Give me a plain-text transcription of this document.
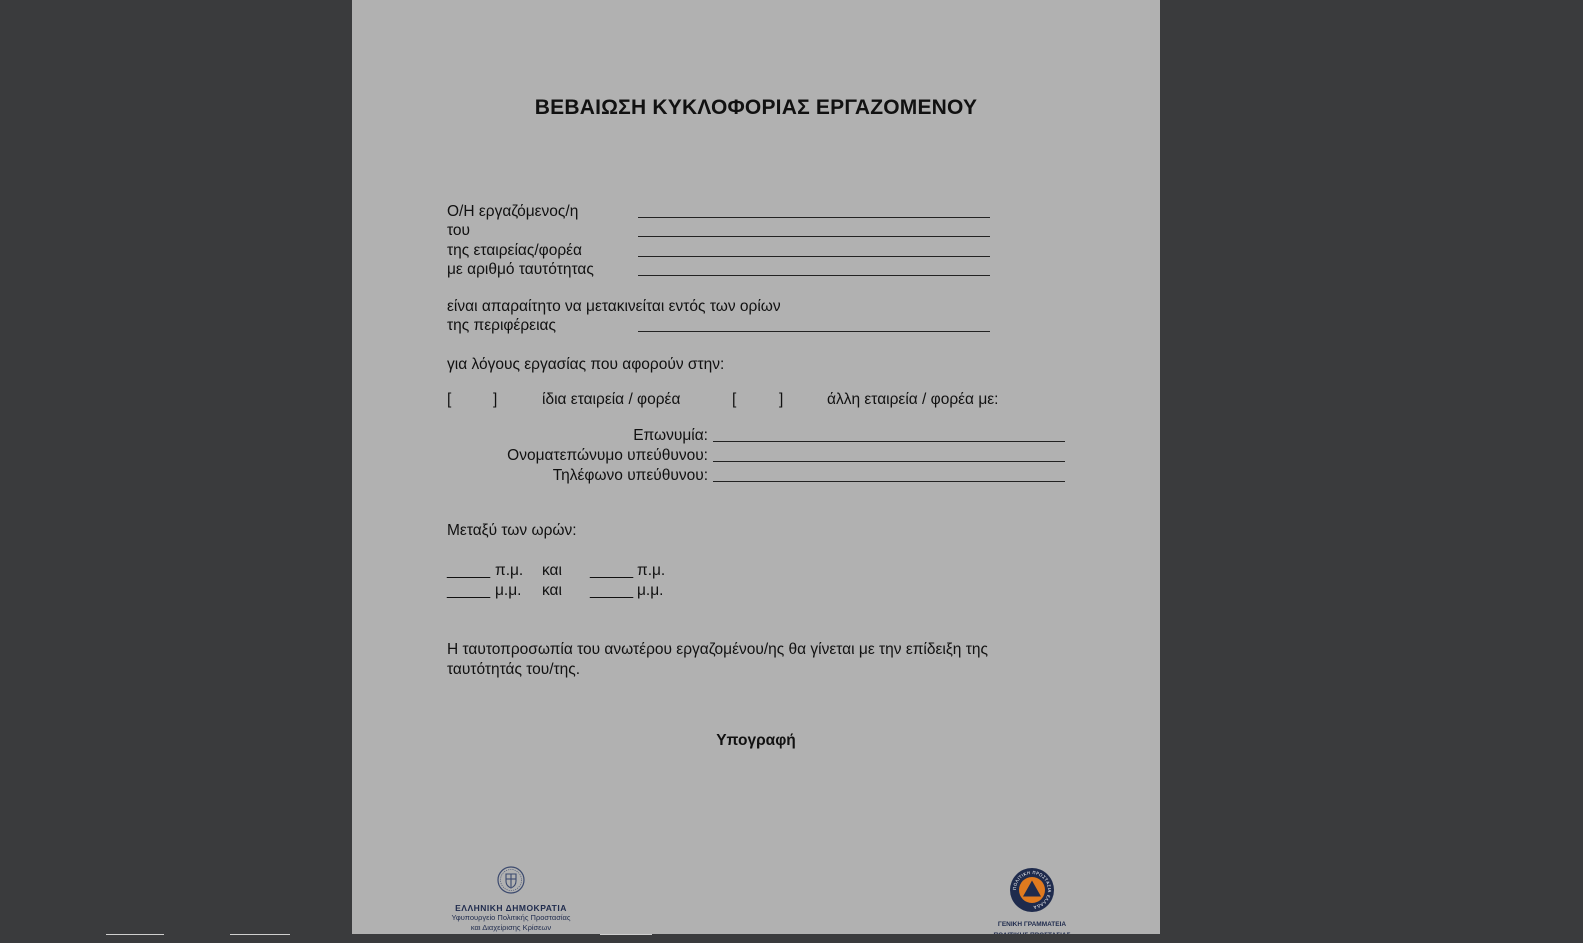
ΒΕΒΑΙΩΣΗ ΚΥΚΛΟΦΟΡΙΑΣ ΕΡΓΑΖΟΜΕΝΟΥ
Ο/Η εργαζόμενος/η
του
της εταιρείας/φορέα
με αριθμό ταυτότητας
είναι απαραίτητο να μετακινείται εντός των ορίων
της περιφέρειας
για λόγους εργασίας που αφορούν στην:
[	]	ίδια εταιρεία / φορέα	[	]	άλλη εταιρεία / φορέα με:
Επωνυμία:
Ονοματεπώνυμο υπεύθυνου:
Τηλέφωνο υπεύθυνου:
Μεταξύ των ωρών:
_____ π.μ. και _____ π.μ.
_____ μ.μ. και _____ μ.μ.
Η ταυτοπροσωπία του ανωτέρου εργαζομένου/ης θα γίνεται με την επίδειξη της
ταυτότητάς του/της.
Υπογραφή
ΕΛΛΗΝΙΚΗ ΔΗΜΟΚΡΑΤΙΑ
Υφυπουργείο Πολιτικής Προστασίας
και Διαχείρισης Κρίσεων
ΠΟΛΙΤΙΚΗ ΠΡΟΣΤΑΣΙΑ ΕΛΛΑΔΑ
ΓΕΝΙΚΗ ΓΡΑΜΜΑΤΕΙΑ
